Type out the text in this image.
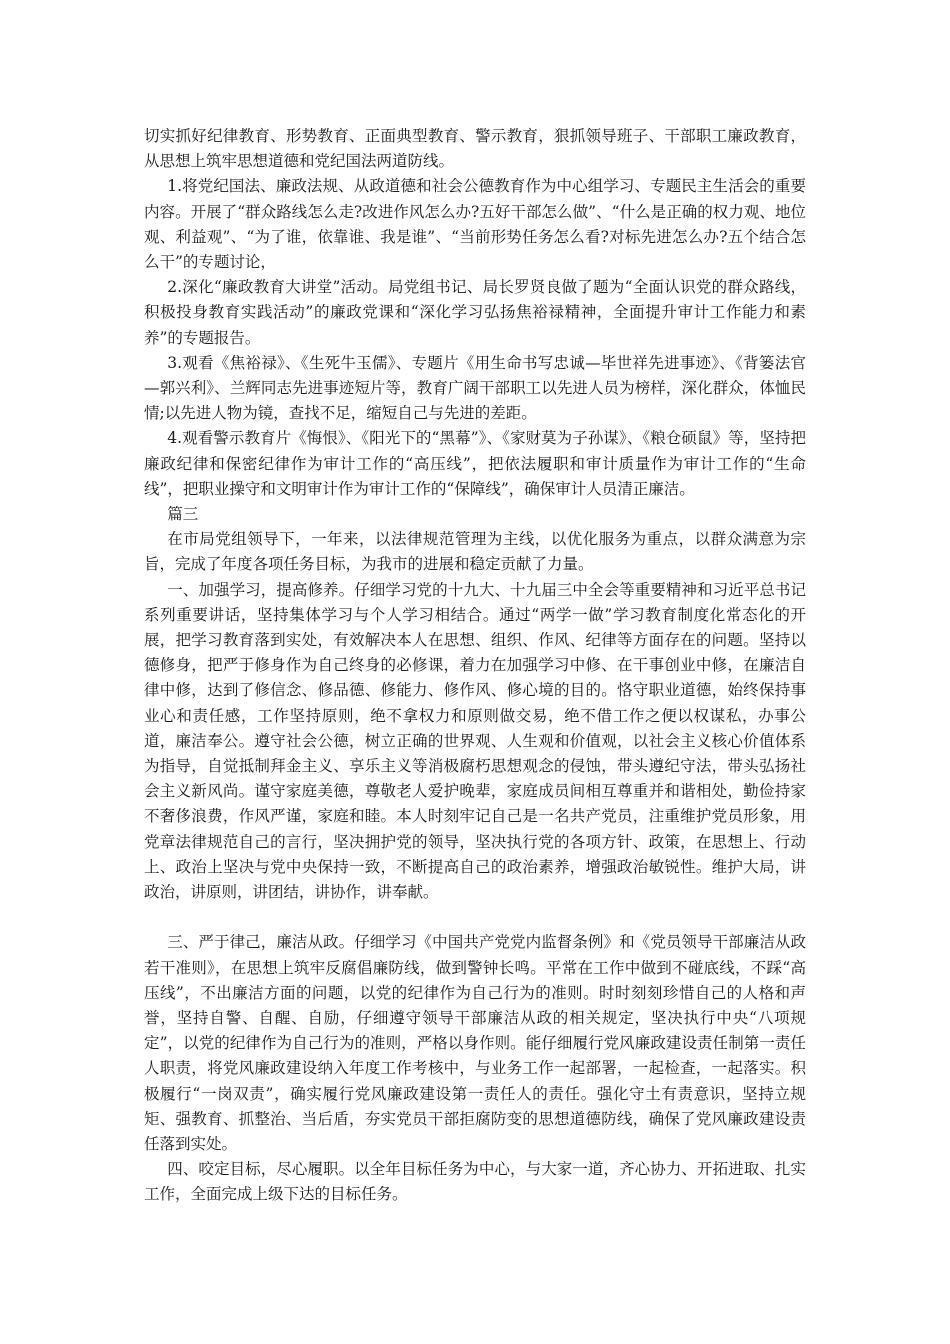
切实抓好纪律教育、形势教育、正面典型教育、警示教育，狠抓领导班子、干部职工廉政教育，从思想上筑牢思想道德和党纪国法两道防线。

1.将党纪国法、廉政法规、从政道德和社会公德教育作为中心组学习、专题民主生活会的重要内容。开展了“群众路线怎么走?改进作风怎么办?五好干部怎么做”、“什么是正确的权力观、地位观、利益观”、“为了谁，依靠谁、我是谁”、“当前形势任务怎么看?对标先进怎么办?五个结合怎么干”的专题讨论，

2.深化“廉政教育大讲堂”活动。局党组书记、局长罗贤良做了题为“全面认识党的群众路线，积极投身教育实践活动”的廉政党课和“深化学习弘扬焦裕禄精神，全面提升审计工作能力和素养”的专题报告。

3.观看《焦裕禄》、《生死牛玉儒》、专题片《用生命书写忠诚—毕世祥先进事迹》、《背篓法官—郭兴利》、兰辉同志先进事迹短片等，教育广阔干部职工以先进人员为榜样，深化群众，体恤民情;以先进人物为镜，查找不足，缩短自己与先进的差距。

4.观看警示教育片《悔恨》、《阳光下的“黑幕”》、《家财莫为子孙谋》、《粮仓硕鼠》等，坚持把廉政纪律和保密纪律作为审计工作的“高压线”，把依法履职和审计质量作为审计工作的“生命线”，把职业操守和文明审计作为审计工作的“保障线”，确保审计人员清正廉洁。

篇三

在市局党组领导下，一年来，以法律规范管理为主线，以优化服务为重点，以群众满意为宗旨，完成了年度各项任务目标，为我市的进展和稳定贡献了力量。

一、加强学习，提高修养。仔细学习党的十九大、十九届三中全会等重要精神和习近平总书记系列重要讲话，坚持集体学习与个人学习相结合。通过“两学一做”学习教育制度化常态化的开展，把学习教育落到实处，有效解决本人在思想、组织、作风、纪律等方面存在的问题。坚持以德修身，把严于修身作为自己终身的必修课，着力在加强学习中修、在干事创业中修，在廉洁自律中修，达到了修信念、修品德、修能力、修作风、修心境的目的。恪守职业道德，始终保持事业心和责任感，工作坚持原则，绝不拿权力和原则做交易，绝不借工作之便以权谋私，办事公道，廉洁奉公。遵守社会公德，树立正确的世界观、人生观和价值观，以社会主义核心价值体系为指导，自觉抵制拜金主义、享乐主义等消极腐朽思想观念的侵蚀，带头遵纪守法，带头弘扬社会主义新风尚。谨守家庭美德，尊敬老人爱护晚辈，家庭成员间相互尊重并和谐相处，勤俭持家不奢侈浪费，作风严谨，家庭和睦。本人时刻牢记自己是一名共产党员，注重维护党员形象，用党章法律规范自己的言行，坚决拥护党的领导，坚决执行党的各项方针、政策，在思想上、行动上、政治上坚决与党中央保持一致，不断提高自己的政治素养，增强政治敏锐性。维护大局，讲政治，讲原则，讲团结，讲协作，讲奉献。

三、严于律己，廉洁从政。仔细学习《中国共产党党内监督条例》和《党员领导干部廉洁从政若干准则》，在思想上筑牢反腐倡廉防线，做到警钟长鸣。平常在工作中做到不碰底线，不踩“高压线”，不出廉洁方面的问题，以党的纪律作为自己行为的准则。时时刻刻珍惜自己的人格和声誉，坚持自警、自醒、自励，仔细遵守领导干部廉洁从政的相关规定，坚决执行中央“八项规定”，以党的纪律作为自己行为的准则，严格以身作则。能仔细履行党风廉政建设责任制第一责任人职责，将党风廉政建设纳入年度工作考核中，与业务工作一起部署，一起检查，一起落实。积极履行“一岗双责”，确实履行党风廉政建设第一责任人的责任。强化守土有责意识，坚持立规矩、强教育、抓整治、当后盾，夯实党员干部拒腐防变的思想道德防线，确保了党风廉政建设责任落到实处。

四、咬定目标，尽心履职。以全年目标任务为中心，与大家一道，齐心协力、开拓进取、扎实工作，全面完成上级下达的目标任务。
